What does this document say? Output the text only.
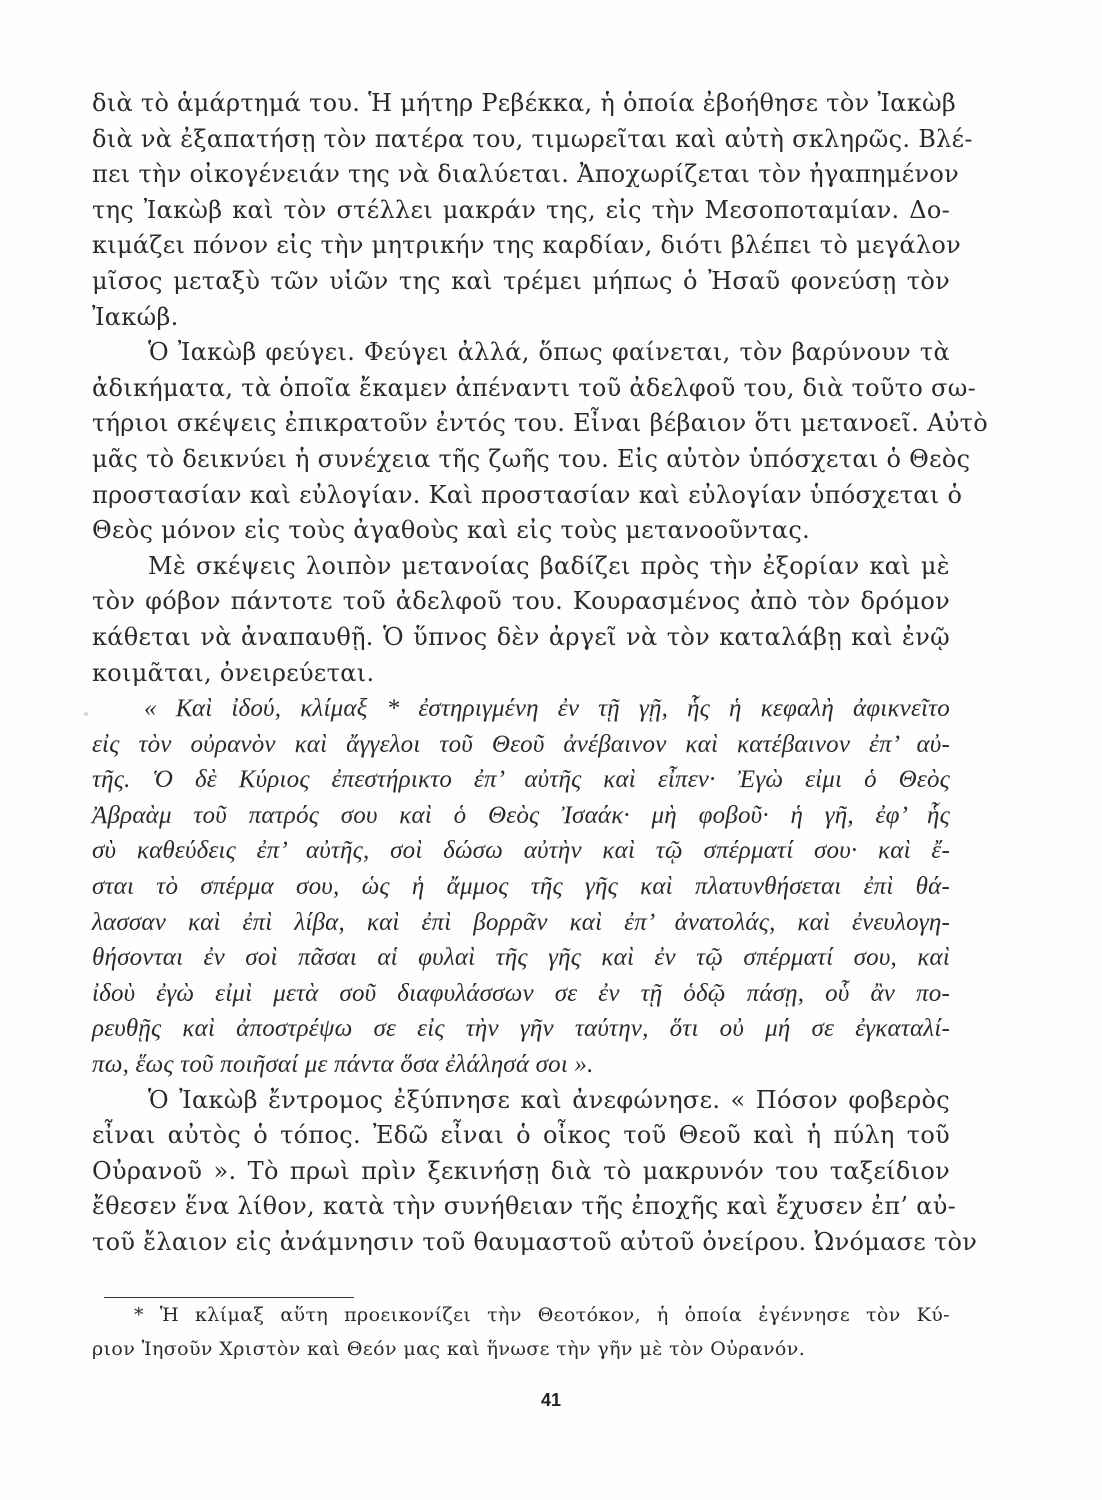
διὰ τὸ ἁμάρτημά του. Ἡ μήτηρ Ρεβέκκα, ἡ ὁποία ἐβοήθησε τὸν Ἰακὼβ
διὰ νὰ ἐξαπατήσῃ τὸν πατέρα του, τιμωρεῖται καὶ αὐτὴ σκληρῶς. Βλέ-
πει τὴν οἰκογένειάν της νὰ διαλύεται. Ἀποχωρίζεται τὸν ἠγαπημένον
της Ἰακὼβ καὶ τὸν στέλλει μακράν της, εἰς τὴν Μεσοποταμίαν. Δο-
κιμάζει πόνον εἰς τὴν μητρικήν της καρδίαν, διότι βλέπει τὸ μεγάλον
μῖσος μεταξὺ τῶν υἱῶν της καὶ τρέμει μήπως ὁ Ἠσαῦ φονεύσῃ τὸν
Ἰακώβ.
Ὁ Ἰακὼβ φεύγει. Φεύγει ἀλλά, ὅπως φαίνεται, τὸν βαρύνουν τὰ
ἀδικήματα, τὰ ὁποῖα ἔκαμεν ἀπέναντι τοῦ ἀδελφοῦ του, διὰ τοῦτο σω-
τήριοι σκέψεις ἐπικρατοῦν ἐντός του. Εἶναι βέβαιον ὅτι μετανοεῖ. Αὐτὸ
μᾶς τὸ δεικνύει ἡ συνέχεια τῆς ζωῆς του. Εἰς αὐτὸν ὑπόσχεται ὁ Θεὸς
προστασίαν καὶ εὐλογίαν. Καὶ προστασίαν καὶ εὐλογίαν ὑπόσχεται ὁ
Θεὸς μόνον εἰς τοὺς ἀγαθοὺς καὶ εἰς τοὺς μετανοοῦντας.
Μὲ σκέψεις λοιπὸν μετανοίας βαδίζει πρὸς τὴν ἐξορίαν καὶ μὲ
τὸν φόβον πάντοτε τοῦ ἀδελφοῦ του. Κουρασμένος ἀπὸ τὸν δρόμον
κάθεται νὰ ἀναπαυθῇ. Ὁ ὕπνος δὲν ἀργεῖ νὰ τὸν καταλάβῃ καὶ ἐνῷ
κοιμᾶται, ὀνειρεύεται.
« Καὶ ἰδού, κλίμαξ * ἐστηριγμένη ἐν τῇ γῇ, ἧς ἡ κεφαλὴ ἀφικνεῖτο
εἰς τὸν οὐρανὸν καὶ ἄγγελοι τοῦ Θεοῦ ἀνέβαινον καὶ κατέβαινον ἐπ’ αὐ-
τῆς. Ὁ δὲ Κύριος ἐπεστήρικτο ἐπ’ αὐτῆς καὶ εἶπεν· Ἐγὼ εἰμι ὁ Θεὸς
Ἀβραὰμ τοῦ πατρός σου καὶ ὁ Θεὸς Ἰσαάκ· μὴ φοβοῦ· ἡ γῆ, ἐφ’ ἧς
σὺ καθεύδεις ἐπ’ αὐτῆς, σοὶ δώσω αὐτὴν καὶ τῷ σπέρματί σου· καὶ ἔ-
σται τὸ σπέρμα σου, ὡς ἡ ἄμμος τῆς γῆς καὶ πλατυνθήσεται ἐπὶ θά-
λασσαν καὶ ἐπὶ λίβα, καὶ ἐπὶ βορρᾶν καὶ ἐπ’ ἀνατολάς, καὶ ἐνευλογη-
θήσονται ἐν σοὶ πᾶσαι αἱ φυλαὶ τῆς γῆς καὶ ἐν τῷ σπέρματί σου, καὶ
ἰδοὺ ἐγὼ εἰμὶ μετὰ σοῦ διαφυλάσσων σε ἐν τῇ ὁδῷ πάσῃ, οὗ ἂν πο-
ρευθῇς καὶ ἀποστρέψω σε εἰς τὴν γῆν ταύτην, ὅτι οὐ μή σε ἐγκαταλί-
πω, ἕως τοῦ ποιῆσαί με πάντα ὅσα ἐλάλησά σοι ».
Ὁ Ἰακὼβ ἔντρομος ἐξύπνησε καὶ ἀνεφώνησε. « Πόσον φοβερὸς
εἶναι αὐτὸς ὁ τόπος. Ἐδῶ εἶναι ὁ οἶκος τοῦ Θεοῦ καὶ ἡ πύλη τοῦ
Οὐρανοῦ ». Τὸ πρωὶ πρὶν ξεκινήσῃ διὰ τὸ μακρυνόν του ταξείδιον
ἔθεσεν ἕνα λίθον, κατὰ τὴν συνήθειαν τῆς ἐποχῆς καὶ ἔχυσεν ἐπ’ αὐ-
τοῦ ἔλαιον εἰς ἀνάμνησιν τοῦ θαυμαστοῦ αὐτοῦ ὀνείρου. Ὠνόμασε τὸν
* Ἡ κλίμαξ αὕτη προεικονίζει τὴν Θεοτόκον, ἡ ὁποία ἐγέννησε τὸν Κύ-
ριον Ἰησοῦν Χριστὸν καὶ Θεόν μας καὶ ἥνωσε τὴν γῆν μὲ τὸν Οὐρανόν.
41
